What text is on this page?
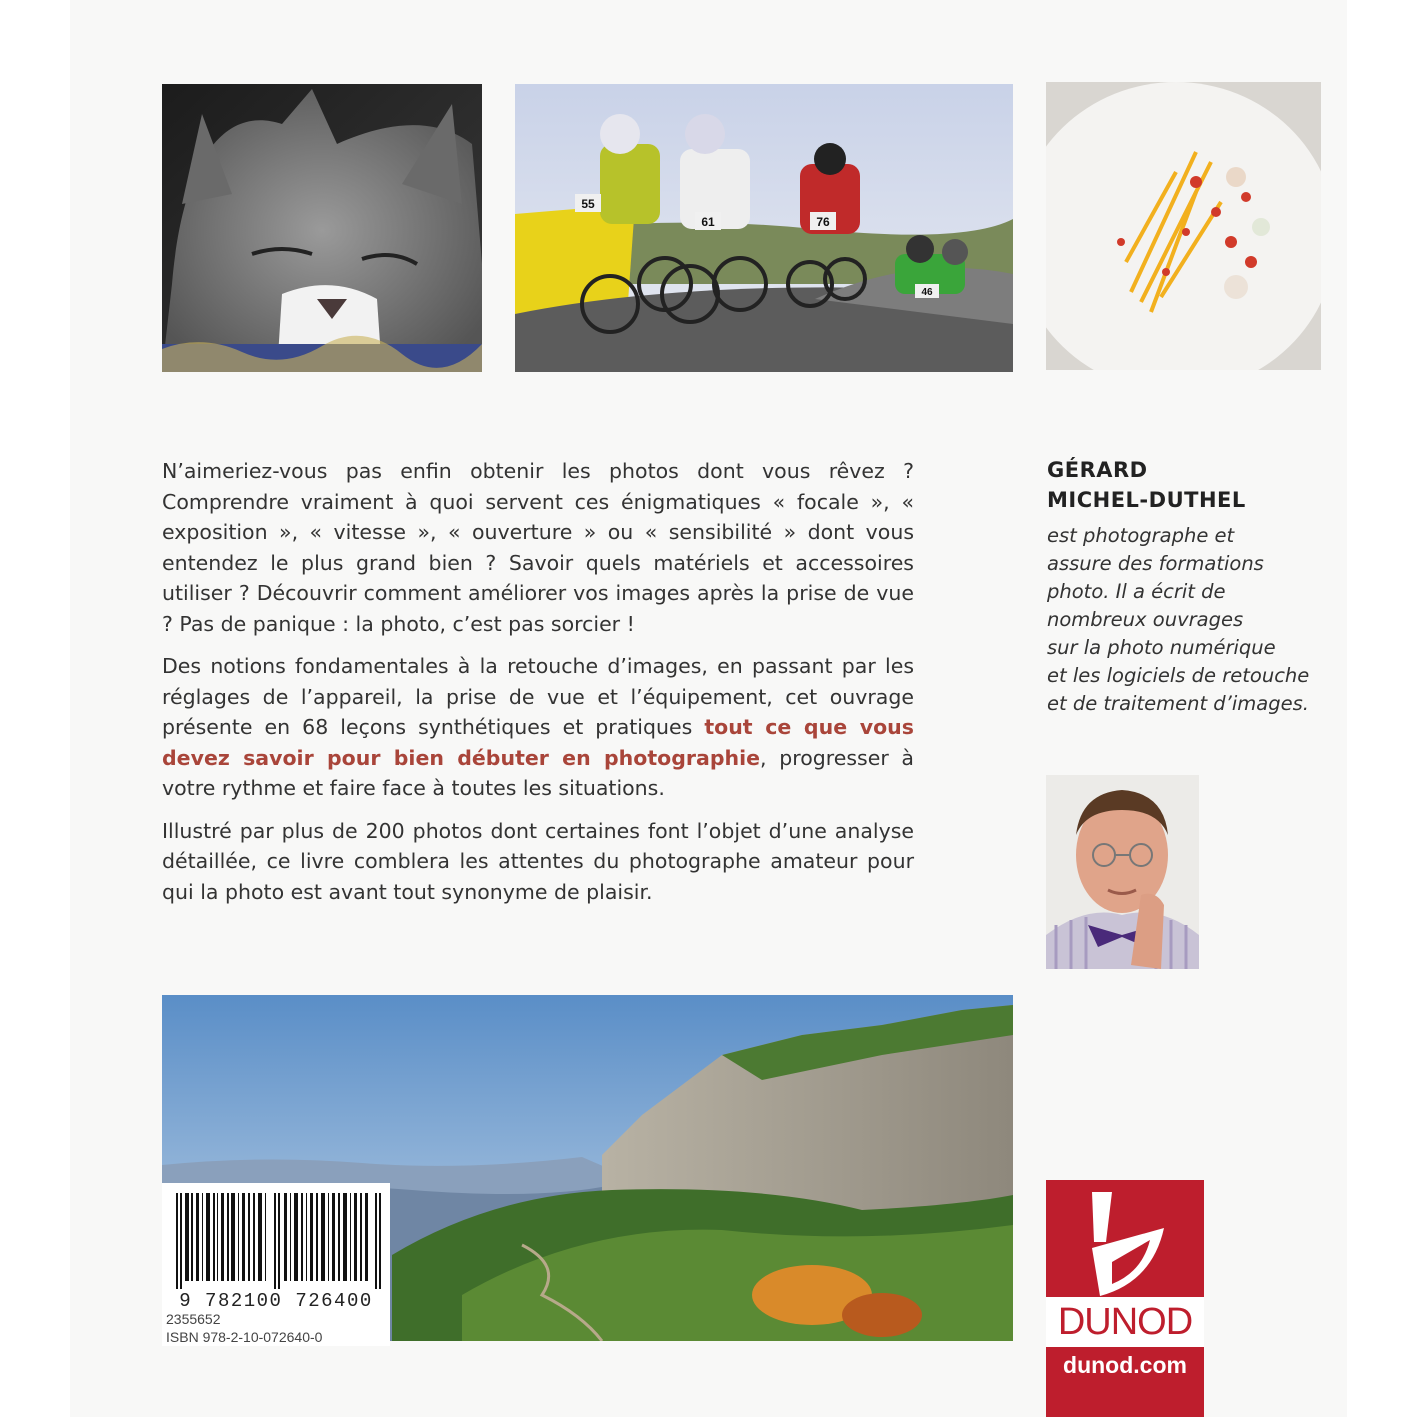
55
61	76
46

N’aimeriez-vous pas enfin obtenir les photos dont vous rêvez ? Comprendre vraiment à quoi servent ces énigmatiques « focale », « exposition », « vitesse », « ouverture » ou « sensibilité » dont vous entendez le plus grand bien ? Savoir quels matériels et accessoires utiliser ? Découvrir comment améliorer vos images après la prise de vue ? Pas de panique : la photo, c’est pas sorcier !

Des notions fondamentales à la retouche d’images, en passant par les réglages de l’appareil, la prise de vue et l’équipement, cet ouvrage présente en 68 leçons synthétiques et pratiques tout ce que vous devez savoir pour bien débuter en photographie, progresser à votre rythme et faire face à toutes les situations.

Illustré par plus de 200 photos dont certaines font l’objet d’une analyse détaillée, ce livre comblera les attentes du photographe amateur pour qui la photo est avant tout synonyme de plaisir.

GÉRARD
MICHEL-DUTHEL
est photographe et
assure des formations
photo. Il a écrit de
nombreux ouvrages
sur la photo numérique
et les logiciels de retouche
et de traitement d’images.
9 782100 726400
2355652
ISBN 978-2-10-072640-0	DUNOD
dunod.com
